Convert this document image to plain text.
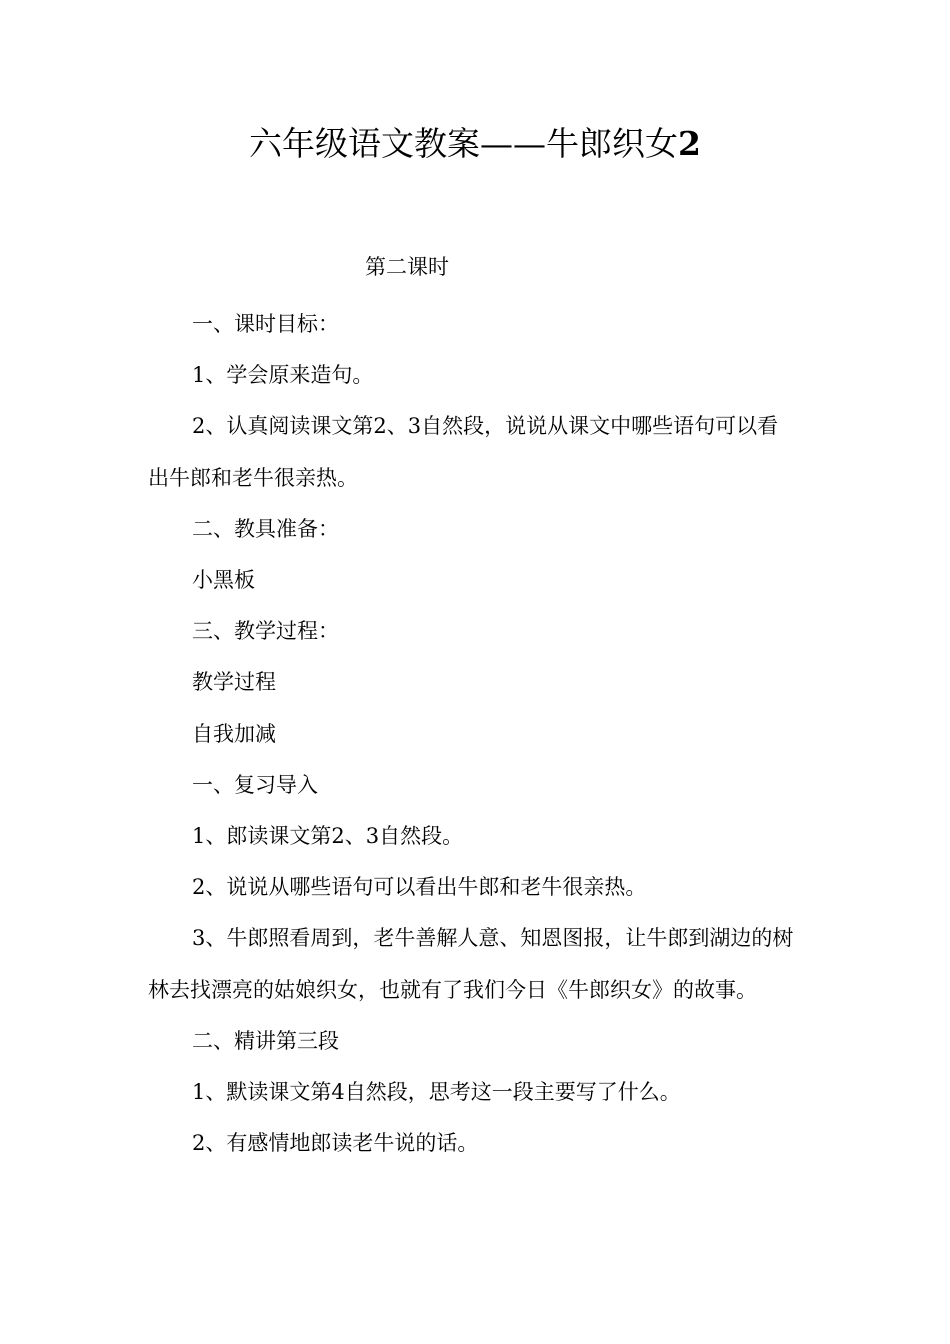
六年级语文教案——牛郎织女2
第二课时

一、课时目标：

1、学会原来造句。

2、认真阅读课文第2、3自然段，说说从课文中哪些语句可以看出牛郎和老牛很亲热。

二、教具准备：

小黑板

三、教学过程：

教学过程

自我加减

一、复习导入

1、郎读课文第2、3自然段。

2、说说从哪些语句可以看出牛郎和老牛很亲热。

3、牛郎照看周到，老牛善解人意、知恩图报，让牛郎到湖边的树林去找漂亮的姑娘织女，也就有了我们今日《牛郎织女》的故事。

二、精讲第三段

1、默读课文第4自然段，思考这一段主要写了什么。

2、有感情地郎读老牛说的话。
